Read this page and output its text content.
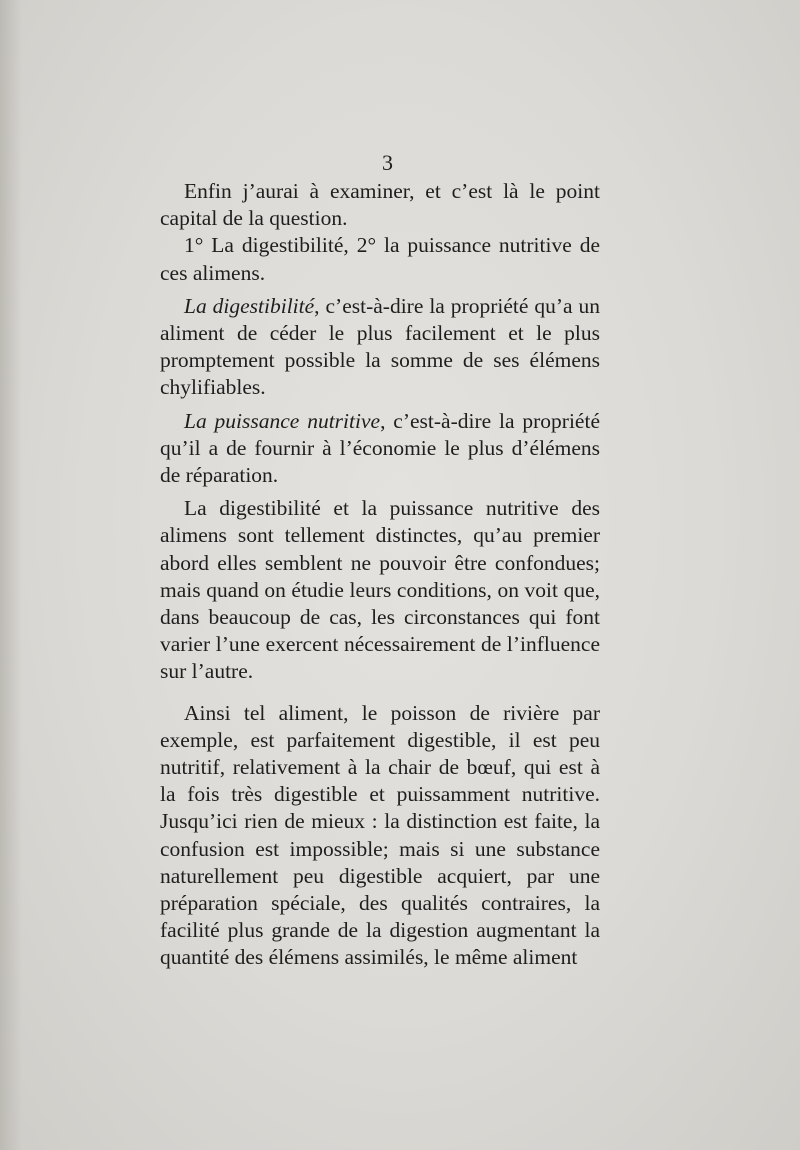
3

Enfin j’aurai à examiner, et c’est là le point capital de la question.

1° La digestibilité, 2° la puissance nutritive de ces alimens.

La digestibilité, c’est-à-dire la propriété qu’a un aliment de céder le plus facilement et le plus promptement possible la somme de ses élémens chylifiables.

La puissance nutritive, c’est-à-dire la propriété qu’il a de fournir à l’économie le plus d’élémens de réparation.

La digestibilité et la puissance nutritive des alimens sont tellement distinctes, qu’au premier abord elles semblent ne pouvoir être confondues; mais quand on étudie leurs conditions, on voit que, dans beaucoup de cas, les circonstances qui font varier l’une exercent nécessairement de l’influence sur l’autre.

Ainsi tel aliment, le poisson de rivière par exemple, est parfaitement digestible, il est peu nutritif, relativement à la chair de bœuf, qui est à la fois très digestible et puissamment nutritive. Jusqu’ici rien de mieux : la distinction est faite, la confusion est impossible; mais si une substance naturellement peu digestible acquiert, par une préparation spéciale, des qualités contraires, la facilité plus grande de la digestion augmentant la quantité des élémens assimilés, le même aliment
